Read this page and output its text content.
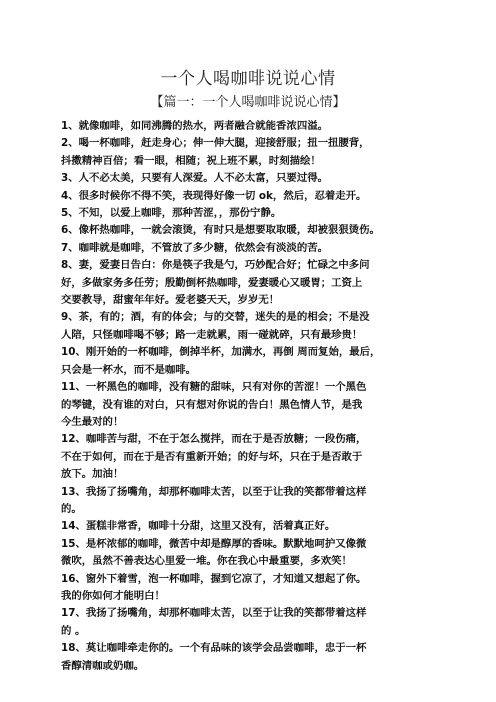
一个人喝咖啡说说心情
【篇一：一个人喝咖啡说说心情】
1、就像咖啡，如同沸腾的热水，两者融合就能香浓四溢。
2、喝一杯咖啡，赶走身心；伸一伸大腿，迎接舒服；扭一扭腰背，
抖擞精神百倍；看一眼，相随；祝上班不累，时刻描绘！
3、人不必太美，只要有人深爱。人不必太富，只要过得。
4、很多时候你不得不笑，表现得好像一切 ok，然后，忍着走开。
5、不知，以爱上咖啡，那种苦涩，，那份宁静。
6、像杯热咖啡，一就会滚烫，有时只是想要取取暖，却被狠狠烫伤。
7、咖啡就是咖啡，不管放了多少糖，依然会有淡淡的苦。
8、妻，爱妻日告白：你是筷子我是勺，巧妙配合好；忙碌之中多问
好，多做家务多任劳；殷勤倒杯热咖啡，爱妻暖心又暖胃；工资上
交要教导，甜蜜年年好。爱老婆天天，岁岁无！
9、茶，有的；酒，有的体会；与的交替，迷失的是的相会；不是没
人陪，只怪咖啡喝不够；路一走就累，雨一碰就碎，只有最珍贵！
10、刚开始的一杯咖啡，倒掉半杯，加满水，再倒 周而复始，最后，
只会是一杯水，而不是咖啡。
11、一杯黑色的咖啡，没有糖的甜味，只有对你的苦涩！一个黑色
的琴键，没有谁的对白，只有想对你说的告白！黑色情人节，是我
今生最对的！
12、咖啡苦与甜，不在于怎么搅拌，而在于是否放糖；一段伤痛，
不在于如何，而在于是否有重新开始；的好与坏，只在于是否敢于
放下。加油！
13、我扬了扬嘴角，却那杯咖啡太苦，以至于让我的笑都带着这样
的。
14、蛋糕非常香，咖啡十分甜，这里又没有，活着真正好。
15、是杯浓郁的咖啡，微苦中却是醇厚的香味。默默地呵护又像微
微吹，虽然不善表达心里爱一堆。你在我心中最重要，多欢笑！
16、窗外下着雪，泡一杯咖啡，握到它凉了，才知道又想起了你。
我的你如何才能明白！
17、我扬了扬嘴角，却那杯咖啡太苦，以至于让我的笑都带着这样
的 。
18、莫让咖啡牵走你的。一个有品味的该学会品尝咖啡，忠于一杯
香醇清咖或奶咖。
